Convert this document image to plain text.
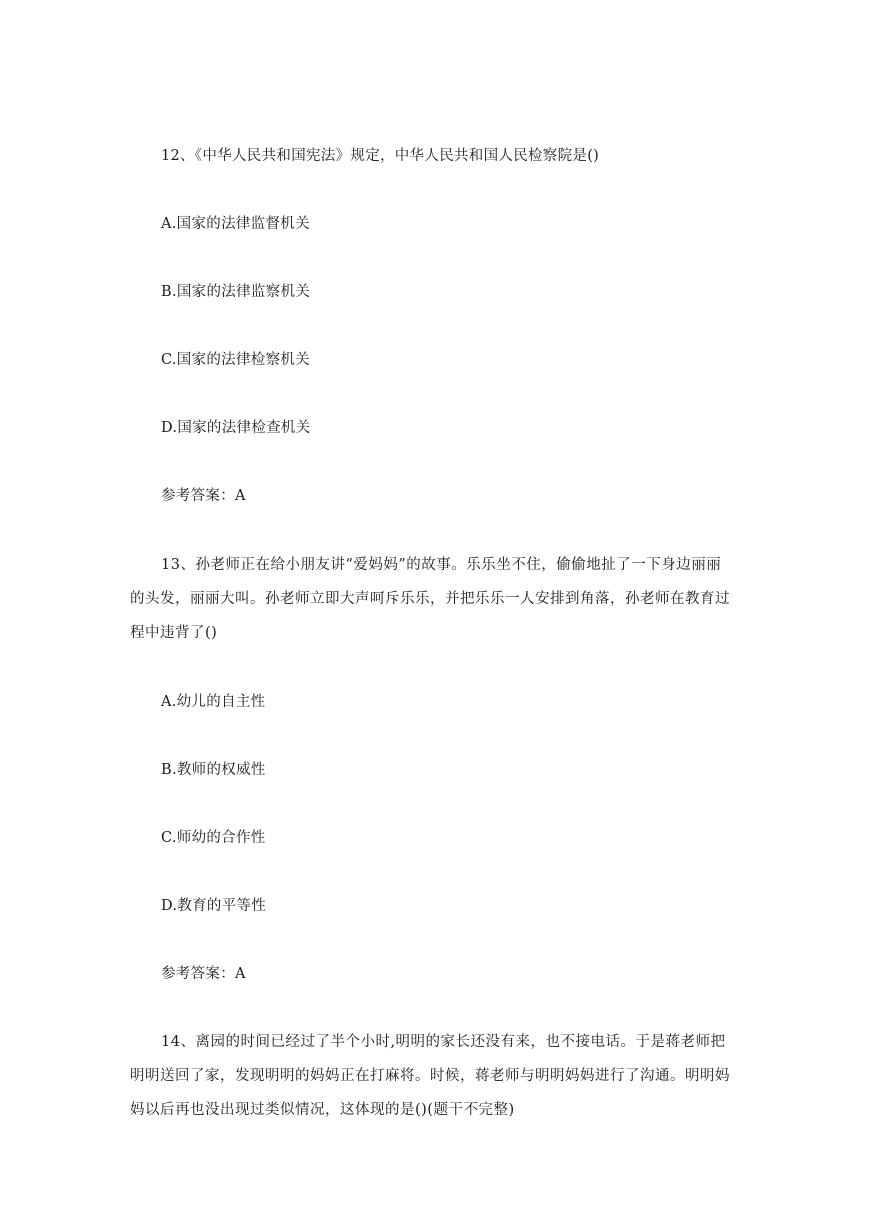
12、《中华人民共和国宪法》规定，中华人民共和国人民检察院是()
A.国家的法律监督机关
B.国家的法律监察机关
C.国家的法律检察机关
D.国家的法律检查机关
参考答案：A
13、孙老师正在给小朋友讲“爱妈妈”的故事。乐乐坐不住，偷偷地扯了一下身边丽丽
的头发，丽丽大叫。孙老师立即大声呵斥乐乐，并把乐乐一人安排到角落，孙老师在教育过
程中违背了()
A.幼儿的自主性
B.教师的权威性
C.师幼的合作性
D.教育的平等性
参考答案：A
14、离园的时间已经过了半个小时,明明的家长还没有来，也不接电话。于是蒋老师把
明明送回了家，发现明明的妈妈正在打麻将。时候，蒋老师与明明妈妈进行了沟通。明明妈
妈以后再也没出现过类似情况，这体现的是()(题干不完整)
